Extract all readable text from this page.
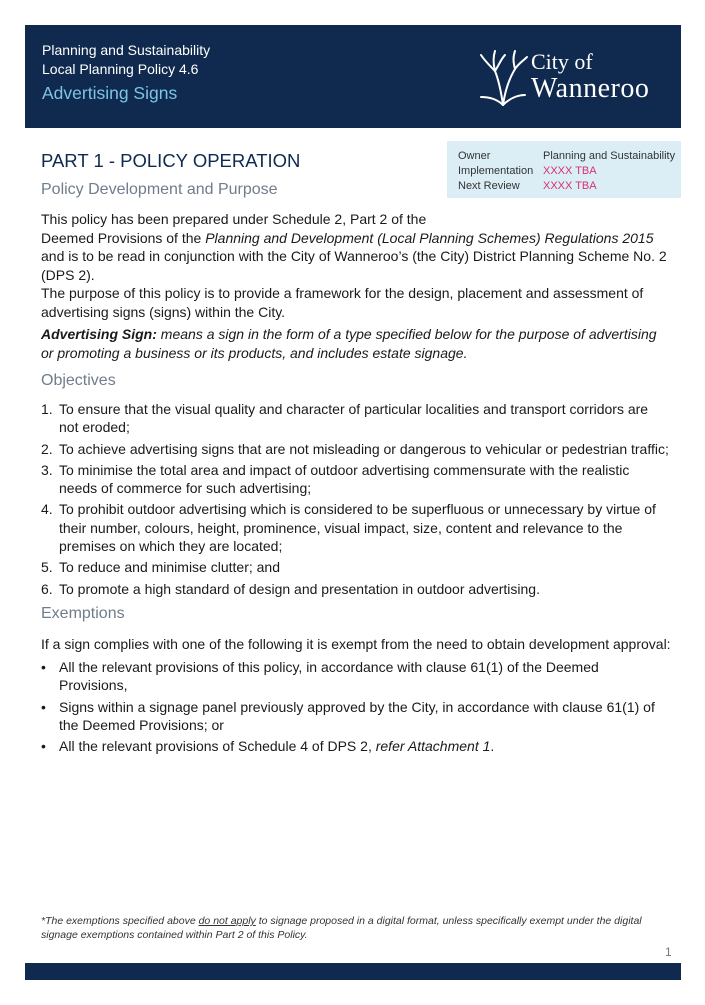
Planning and Sustainability
Local Planning Policy 4.6
Advertising Signs
City of
Wanneroo
Owner	Planning and Sustainability
Implementation XXXX TBA
Next Review XXXX TBA
PART 1 - POLICY OPERATION
Policy Development and Purpose

This policy has been prepared under Schedule 2, Part 2 of the
Deemed Provisions of the Planning and Development (Local Planning Schemes) Regulations 2015 and is to be read in conjunction with the City of Wanneroo’s (the City) District Planning Scheme No. 2 (DPS 2).

The purpose of this policy is to provide a framework for the design, placement and assessment of advertising signs (signs) within the City.

Advertising Sign: means a sign in the form of a type specified below for the purpose of advertising or promoting a business or its products, and includes estate signage.

Objectives
1. To ensure that the visual quality and character of particular localities and transport corridors are not eroded;
2. To achieve advertising signs that are not misleading or dangerous to vehicular or pedestrian traffic;
3. To minimise the total area and impact of outdoor advertising commensurate with the realistic needs of commerce for such advertising;
4. To prohibit outdoor advertising which is considered to be superfluous or unnecessary by virtue of their number, colours, height, prominence, visual impact, size, content and relevance to the premises on which they are located;
5. To reduce and minimise clutter; and
6. To promote a high standard of design and presentation in outdoor advertising.
Exemptions
If a sign complies with one of the following it is exempt from the need to obtain development approval:
• All the relevant provisions of this policy, in accordance with clause 61(1) of the Deemed Provisions,
• Signs within a signage panel previously approved by the City, in accordance with clause 61(1) of the Deemed Provisions; or
• All the relevant provisions of Schedule 4 of DPS 2, refer Attachment 1.
*The exemptions specified above do not apply to signage proposed in a digital format, unless specifically exempt under the digital signage exemptions contained within Part 2 of this Policy.
1
